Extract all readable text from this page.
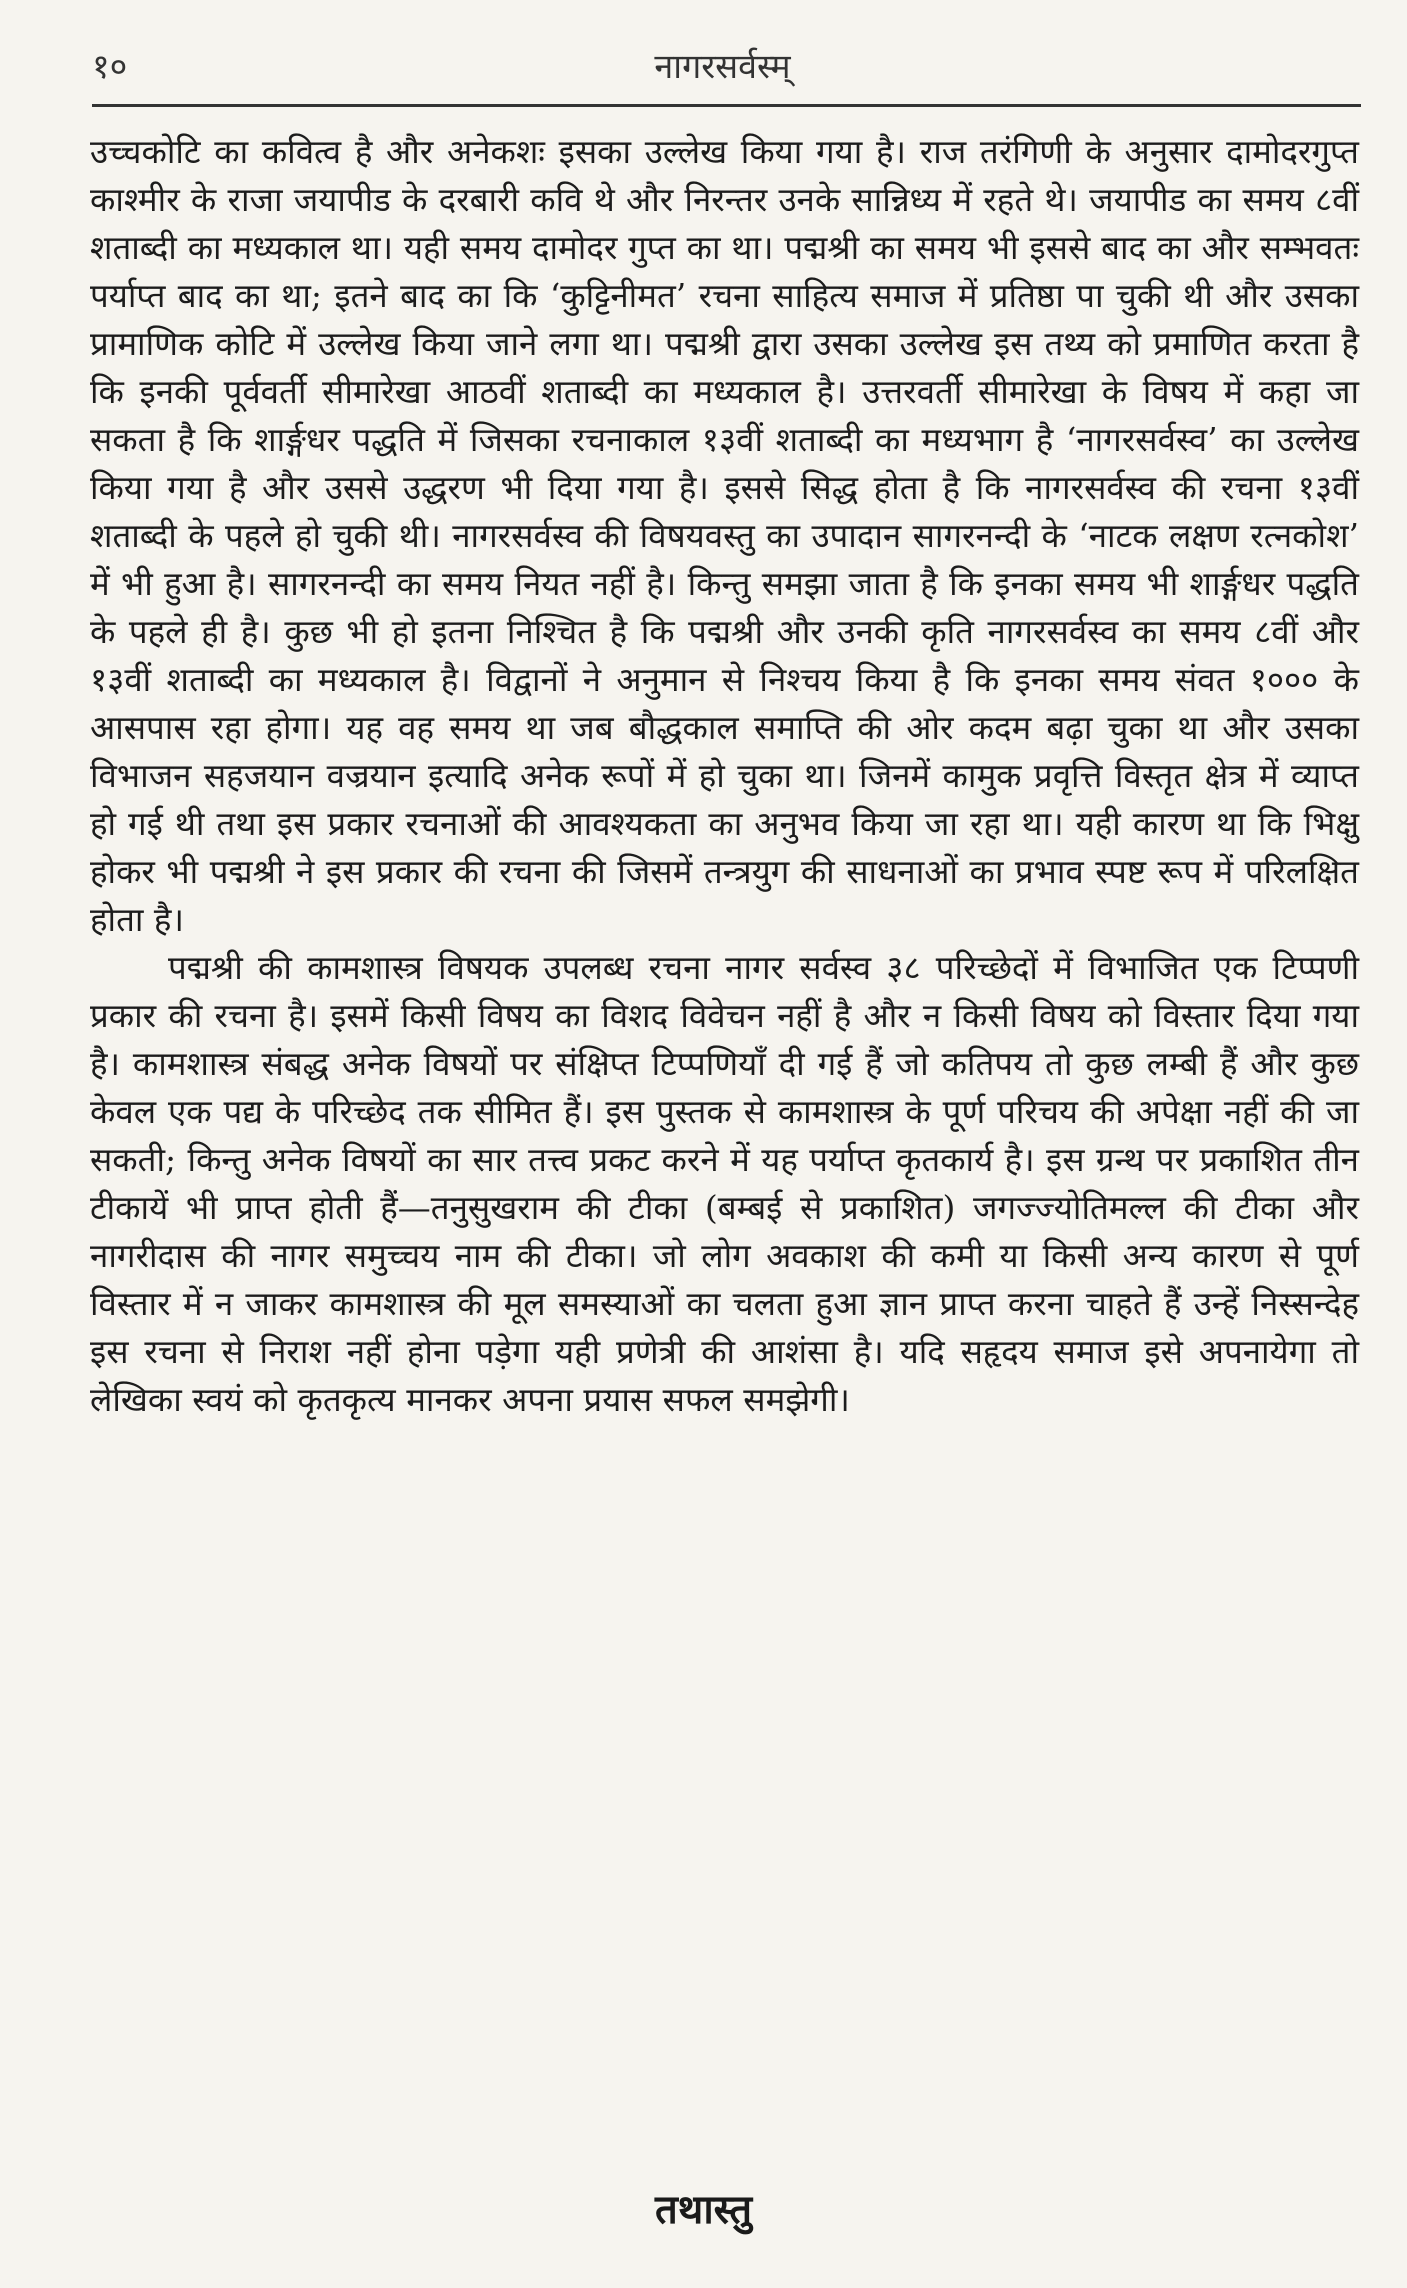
१०	नागरसर्वस्म्

उच्चकोटि का कवित्व है और अनेकशः इसका उल्लेख किया गया है। राज तरंगिणी के अनुसार दामोदरगुप्त काश्मीर के राजा जयापीड के दरबारी कवि थे और निरन्तर उनके सान्निध्य में रहते थे। जयापीड का समय ८वीं शताब्दी का मध्यकाल था। यही समय दामोदर गुप्त का था। पद्मश्री का समय भी इससे बाद का और सम्भवतः पर्याप्त बाद का था; इतने बाद का कि ‘कुट्टिनीमत’ रचना साहित्य समाज में प्रतिष्ठा पा चुकी थी और उसका प्रामाणिक कोटि में उल्लेख किया जाने लगा था। पद्मश्री द्वारा उसका उल्लेख इस तथ्य को प्रमाणित करता है कि इनकी पूर्ववर्ती सीमारेखा आठवीं शताब्दी का मध्यकाल है। उत्तरवर्ती सीमारेखा के विषय में कहा जा सकता है कि शार्ङ्गधर पद्धति में जिसका रचनाकाल १३वीं शताब्दी का मध्यभाग है ‘नागरसर्वस्व’ का उल्लेख किया गया है और उससे उद्धरण भी दिया गया है। इससे सिद्ध होता है कि नागरसर्वस्व की रचना १३वीं शताब्दी के पहले हो चुकी थी। नागरसर्वस्व की विषयवस्तु का उपादान सागरनन्दी के ‘नाटक लक्षण रत्नकोश’ में भी हुआ है। सागरनन्दी का समय नियत नहीं है। किन्तु समझा जाता है कि इनका समय भी शार्ङ्गधर पद्धति के पहले ही है। कुछ भी हो इतना निश्चित है कि पद्मश्री और उनकी कृति नागरसर्वस्व का समय ८वीं और १३वीं शताब्दी का मध्यकाल है। विद्वानों ने अनुमान से निश्चय किया है कि इनका समय संवत १००० के आसपास रहा होगा। यह वह समय था जब बौद्धकाल समाप्ति की ओर कदम बढ़ा चुका था और उसका विभाजन सहजयान वज्रयान इत्यादि अनेक रूपों में हो चुका था। जिनमें कामुक प्रवृत्ति विस्तृत क्षेत्र में व्याप्त हो गई थी तथा इस प्रकार रचनाओं की आवश्यकता का अनुभव किया जा रहा था। यही कारण था कि भिक्षु होकर भी पद्मश्री ने इस प्रकार की रचना की जिसमें तन्त्रयुग की साधनाओं का प्रभाव स्पष्ट रूप में परिलक्षित होता है।

पद्मश्री की कामशास्त्र विषयक उपलब्ध रचना नागर सर्वस्व ३८ परिच्छेदों में विभाजित एक टिप्पणी प्रकार की रचना है। इसमें किसी विषय का विशद विवेचन नहीं है और न किसी विषय को विस्तार दिया गया है। कामशास्त्र संबद्ध अनेक विषयों पर संक्षिप्त टिप्पणियाँ दी गई हैं जो कतिपय तो कुछ लम्बी हैं और कुछ केवल एक पद्य के परिच्छेद तक सीमित हैं। इस पुस्तक से कामशास्त्र के पूर्ण परिचय की अपेक्षा नहीं की जा सकती; किन्तु अनेक विषयों का सार तत्त्व प्रकट करने में यह पर्याप्त कृतकार्य है। इस ग्रन्थ पर प्रकाशित तीन टीकायें भी प्राप्त होती हैं—तनुसुखराम की टीका (बम्बई से प्रकाशित) जगज्ज्योतिमल्ल की टीका और नागरीदास की नागर समुच्चय नाम की टीका। जो लोग अवकाश की कमी या किसी अन्य कारण से पूर्ण विस्तार में न जाकर कामशास्त्र की मूल समस्याओं का चलता हुआ ज्ञान प्राप्त करना चाहते हैं उन्हें निस्सन्देह इस रचना से निराश नहीं होना पड़ेगा यही प्रणेत्री की आशंसा है। यदि सहृदय समाज इसे अपनायेगा तो लेखिका स्वयं को कृतकृत्य मानकर अपना प्रयास सफल समझेगी।

तथास्तु
